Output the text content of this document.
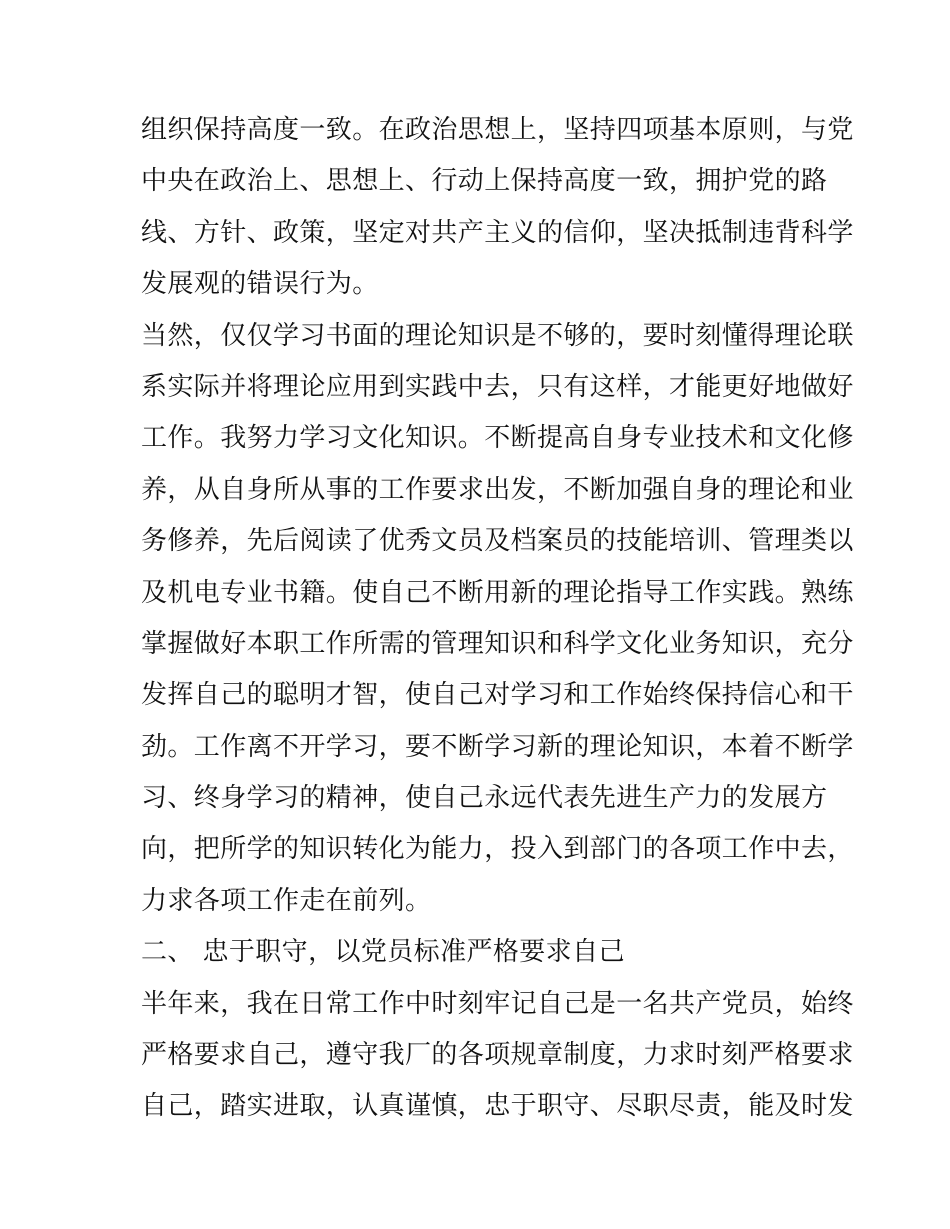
组织保持高度一致。在政治思想上，坚持四项基本原则，与党
中央在政治上、思想上、行动上保持高度一致，拥护党的路
线、方针、政策，坚定对共产主义的信仰，坚决抵制违背科学
发展观的错误行为。
当然，仅仅学习书面的理论知识是不够的，要时刻懂得理论联
系实际并将理论应用到实践中去，只有这样，才能更好地做好
工作。我努力学习文化知识。不断提高自身专业技术和文化修
养，从自身所从事的工作要求出发，不断加强自身的理论和业
务修养，先后阅读了优秀文员及档案员的技能培训、管理类以
及机电专业书籍。使自己不断用新的理论指导工作实践。熟练
掌握做好本职工作所需的管理知识和科学文化业务知识，充分
发挥自己的聪明才智，使自己对学习和工作始终保持信心和干
劲。工作离不开学习，要不断学习新的理论知识，本着不断学
习、终身学习的精神，使自己永远代表先进生产力的发展方
向，把所学的知识转化为能力，投入到部门的各项工作中去，
力求各项工作走在前列。
二、 忠于职守，以党员标准严格要求自己
半年来，我在日常工作中时刻牢记自己是一名共产党员，始终
严格要求自己，遵守我厂的各项规章制度，力求时刻严格要求
自己，踏实进取，认真谨慎，忠于职守、尽职尽责，能及时发
